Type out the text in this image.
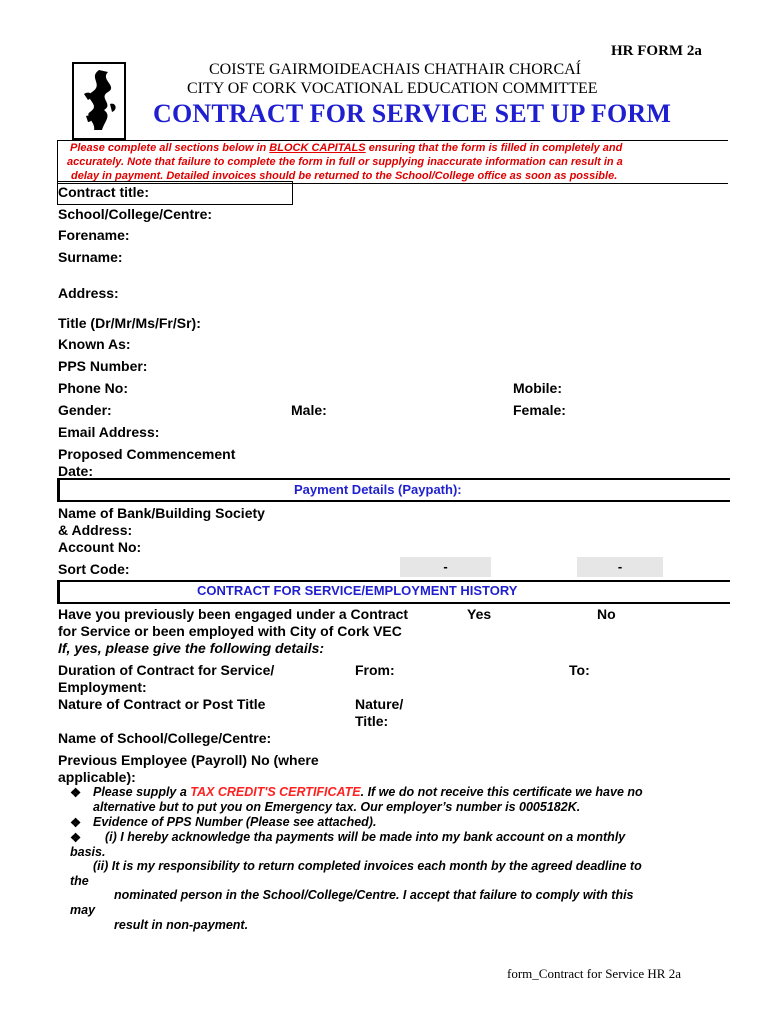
HR FORM 2a
COISTE GAIRMOIDEACHAIS CHATHAIR CHORCAÍ
CITY OF CORK VOCATIONAL EDUCATION COMMITTEE
CONTRACT FOR SERVICE SET UP FORM
Please complete all sections below in BLOCK CAPITALS ensuring that the form is filled in completely and
accurately. Note that failure to complete the form in full or supplying inaccurate information can result in a
delay in payment. Detailed invoices should be returned to the School/College office as soon as possible.
Contract title:
School/College/Centre:
Forename:
Surname:
Address:
Title (Dr/Mr/Ms/Fr/Sr):
Known As:
PPS Number:
Phone No:	Mobile:
Gender:	Male:	Female:
Email Address:
Proposed Commencement
Date:
Payment Details (Paypath):
Name of Bank/Building Society
& Address:
Account No:
Sort Code:	-	-
CONTRACT FOR SERVICE/EMPLOYMENT HISTORY
Have you previously been engaged under a Contract
for Service or been employed with City of Cork VEC
Yes	No
If, yes, please give the following details:
Duration of Contract for Service/
Employment:
From:	To:
Nature of Contract or Post Title	Nature/
Title:
Name of School/College/Centre:
Previous Employee (Payroll) No (where
applicable):
❖ Please supply a TAX CREDIT'S CERTIFICATE. If we do not receive this certificate we have no
alternative but to put you on Emergency tax. Our employer’s number is 0005182K.
❖ Evidence of PPS Number (Please see attached).
❖ (i) I hereby acknowledge tha payments will be made into my bank account on a monthly
basis.
(ii) It is my responsibility to return completed invoices each month by the agreed deadline to
the
nominated person in the School/College/Centre. I accept that failure to comply with this
may
result in non-payment.
form_Contract for Service HR 2a
